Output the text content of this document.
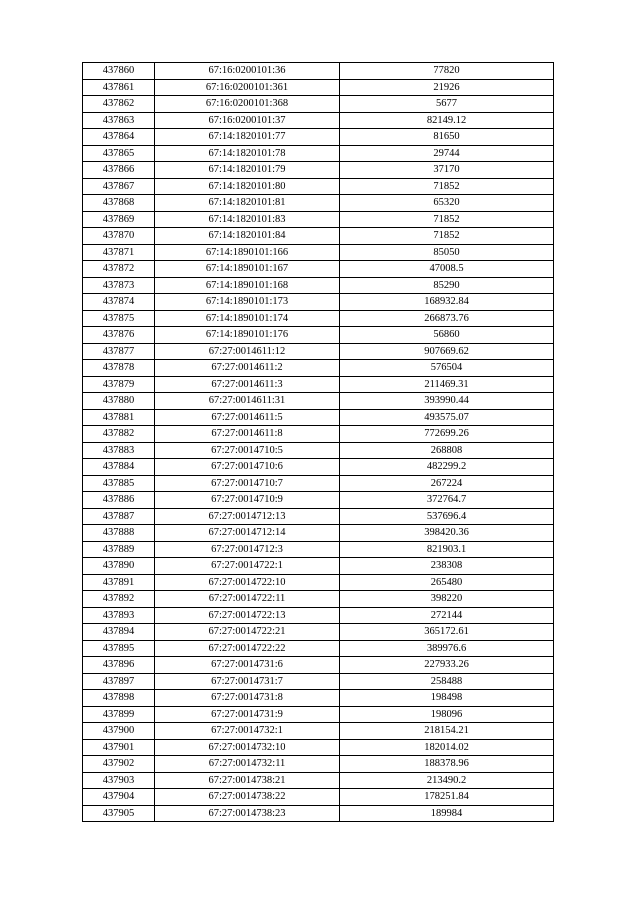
437860	67:16:0200101:36	77820
437861	67:16:0200101:361	21926
437862	67:16:0200101:368	5677
437863	67:16:0200101:37	82149.12
437864	67:14:1820101:77	81650
437865	67:14:1820101:78	29744
437866	67:14:1820101:79	37170
437867	67:14:1820101:80	71852
437868	67:14:1820101:81	65320
437869	67:14:1820101:83	71852
437870	67:14:1820101:84	71852
437871	67:14:1890101:166	85050
437872	67:14:1890101:167	47008.5
437873	67:14:1890101:168	85290
437874	67:14:1890101:173	168932.84
437875	67:14:1890101:174	266873.76
437876	67:14:1890101:176	56860
437877	67:27:0014611:12	907669.62
437878	67:27:0014611:2	576504
437879	67:27:0014611:3	211469.31
437880	67:27:0014611:31	393990.44
437881	67:27:0014611:5	493575.07
437882	67:27:0014611:8	772699.26
437883	67:27:0014710:5	268808
437884	67:27:0014710:6	482299.2
437885	67:27:0014710:7	267224
437886	67:27:0014710:9	372764.7
437887	67:27:0014712:13	537696.4
437888	67:27:0014712:14	398420.36
437889	67:27:0014712:3	821903.1
437890	67:27:0014722:1	238308
437891	67:27:0014722:10	265480
437892	67:27:0014722:11	398220
437893	67:27:0014722:13	272144
437894	67:27:0014722:21	365172.61
437895	67:27:0014722:22	389976.6
437896	67:27:0014731:6	227933.26
437897	67:27:0014731:7	258488
437898	67:27:0014731:8	198498
437899	67:27:0014731:9	198096
437900	67:27:0014732:1	218154.21
437901	67:27:0014732:10	182014.02
437902	67:27:0014732:11	188378.96
437903	67:27:0014738:21	213490.2
437904	67:27:0014738:22	178251.84
437905	67:27:0014738:23	189984
